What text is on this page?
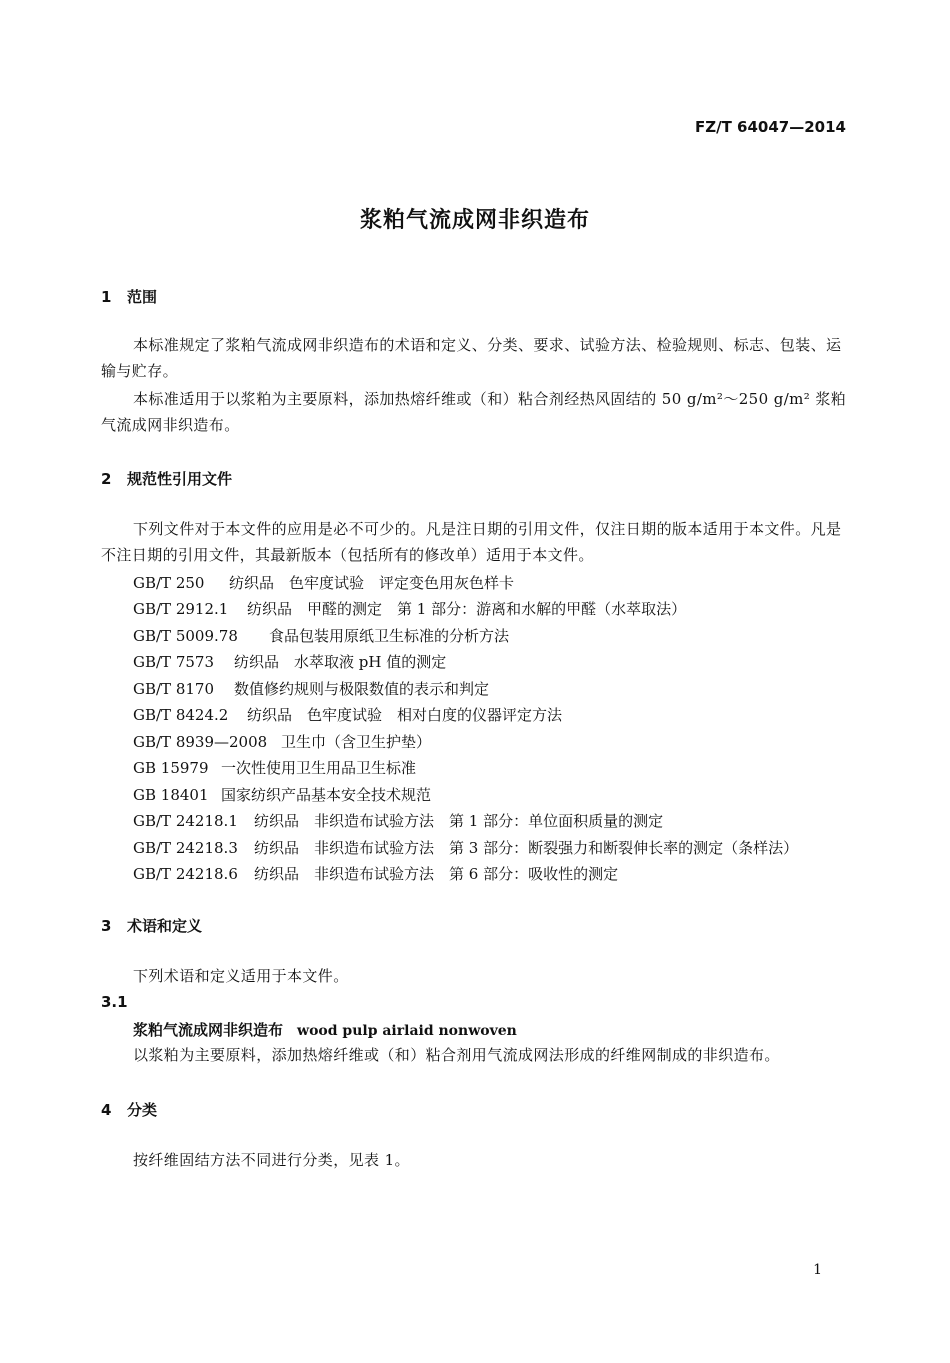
FZ/T 64047—2014
浆粕气流成网非织造布
1 范围
本标准规定了浆粕气流成网非织造布的术语和定义、分类、要求、试验方法、检验规则、标志、包装、运输与贮存。
本标准适用于以浆粕为主要原料，添加热熔纤维或（和）粘合剂经热风固结的 50 g/m²～250 g/m² 浆粕气流成网非织造布。
2 规范性引用文件
下列文件对于本文件的应用是必不可少的。凡是注日期的引用文件，仅注日期的版本适用于本文件。凡是不注日期的引用文件，其最新版本（包括所有的修改单）适用于本文件。
GB/T 250 纺织品　色牢度试验　评定变色用灰色样卡
GB/T 2912.1 纺织品　甲醛的测定　第 1 部分：游离和水解的甲醛（水萃取法）
GB/T 5009.78 食品包装用原纸卫生标准的分析方法
GB/T 7573 纺织品　水萃取液 pH 值的测定
GB/T 8170 数值修约规则与极限数值的表示和判定
GB/T 8424.2 纺织品　色牢度试验　相对白度的仪器评定方法
GB/T 8939—2008 卫生巾（含卫生护垫）
GB 15979 一次性使用卫生用品卫生标准
GB 18401 国家纺织产品基本安全技术规范
GB/T 24218.1 纺织品　非织造布试验方法　第 1 部分：单位面积质量的测定
GB/T 24218.3 纺织品　非织造布试验方法　第 3 部分：断裂强力和断裂伸长率的测定（条样法）
GB/T 24218.6 纺织品　非织造布试验方法　第 6 部分：吸收性的测定
3 术语和定义
下列术语和定义适用于本文件。
3.1
浆粕气流成网非织造布 wood pulp airlaid nonwoven
以浆粕为主要原料，添加热熔纤维或（和）粘合剂用气流成网法形成的纤维网制成的非织造布。
4 分类
按纤维固结方法不同进行分类，见表 1。
1
